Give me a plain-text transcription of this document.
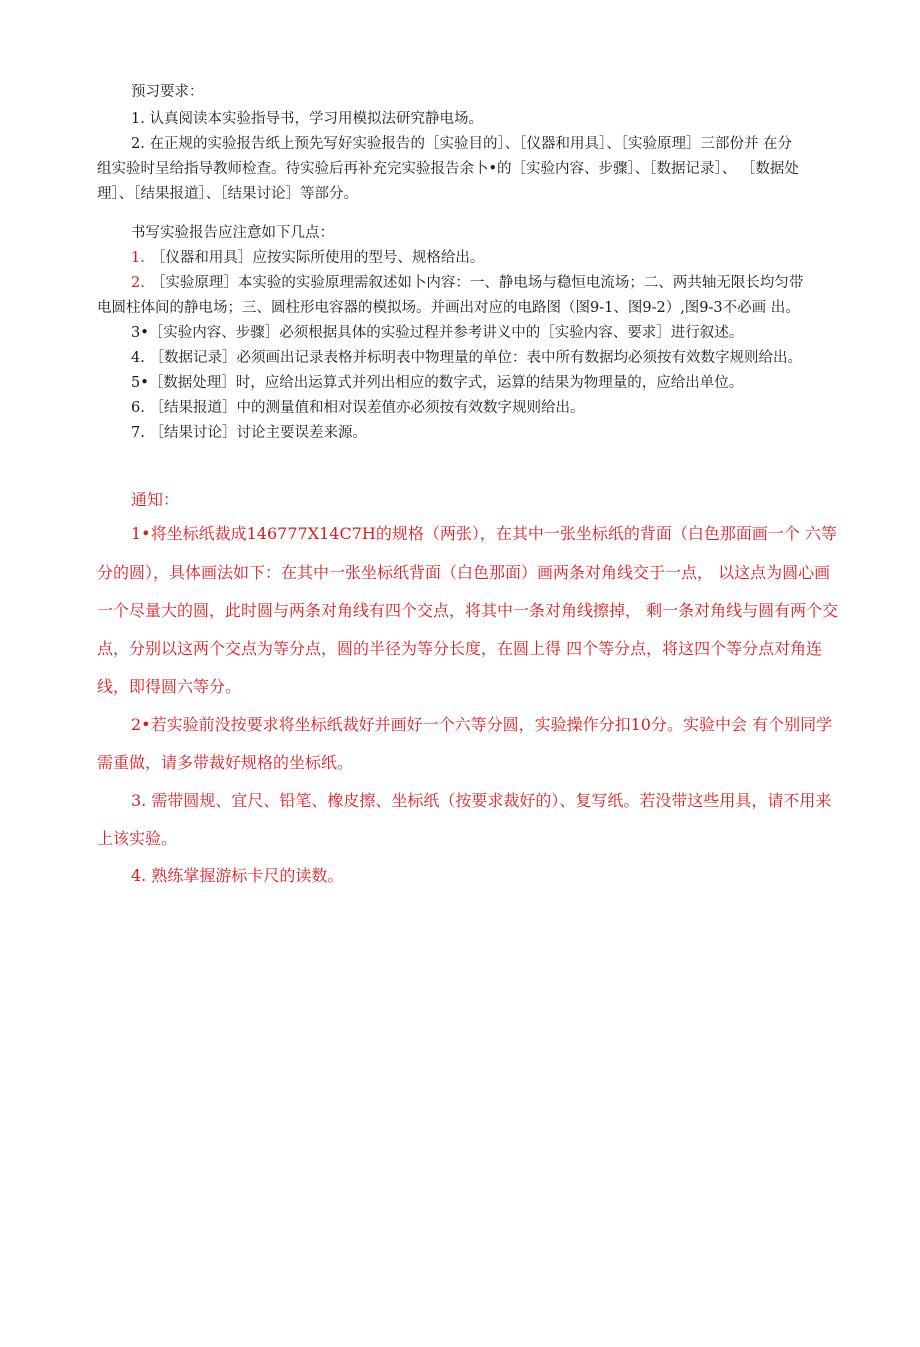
预习要求：

1. 认真阅读本实验指导书，学习用模拟法研究静电场。

2. 在正规的实验报告纸上预先写好实验报告的［实验目的］、［仪器和用具］、［实验原理］三部份并 在分

组实验时呈给指导教师检查。待实验后再补充完实验报告余卜•的［实验内容、步骤］、［数据记录］、 ［数据处

理］、［结果报道］、［结果讨论］等部分。

书写实验报告应注意如下几点：

1. ［仪器和用具］应按实际所使用的型号、规格给出。

2. ［实验原理］本实验的实验原理需叙述如卜内容：一、静电场与稳恒电流场；二、两共轴无限长均匀带

电圆柱体间的静电场；三、圆柱形电容器的模拟场。并画出对应的电路图（图9-1、图9-2）,图9-3不必画 出。

3•［实验内容、步骤］必须根据具体的实验过程并参考讲义中的［实验内容、要求］进行叙述。

4. ［数据记录］必须画出记录表格并标明表中物理量的单位：表中所有数据均必须按有效数字规则给出。

5•［数据处理］时，应给出运算式并列出相应的数字式，运算的结果为物理量的，应给出单位。

6. ［结果报道］中的测量值和相对误差值亦必须按有效数字规则给出。

7. ［结果讨论］讨论主要误差来源。

通知：

1•将坐标纸裁成146777X14C7H的规格（两张），在其中一张坐标纸的背面（白色那面画一个 六等

分的圆），具体画法如下：在其中一张坐标纸背面（白色那面）画两条对角线交于一点， 以这点为圆心画

一个尽量大的圆，此时圆与两条对角线有四个交点，将其中一条对角线擦掉， 剩一条对角线与圆有两个交

点，分别以这两个交点为等分点，圆的半径为等分长度，在圆上得 四个等分点，将这四个等分点对角连

线，即得圆六等分。

2•若实验前没按要求将坐标纸裁好并画好一个六等分圆，实验操作分扣10分。实验中会 有个别同学

需重做，请多带裁好规格的坐标纸。

3. 需带圆规、宜尺、铅笔、橡皮擦、坐标纸（按要求裁好的）、复写纸。若没带这些用具，请不用来

上该实验。

4. 熟练掌握游标卡尺的读数。
